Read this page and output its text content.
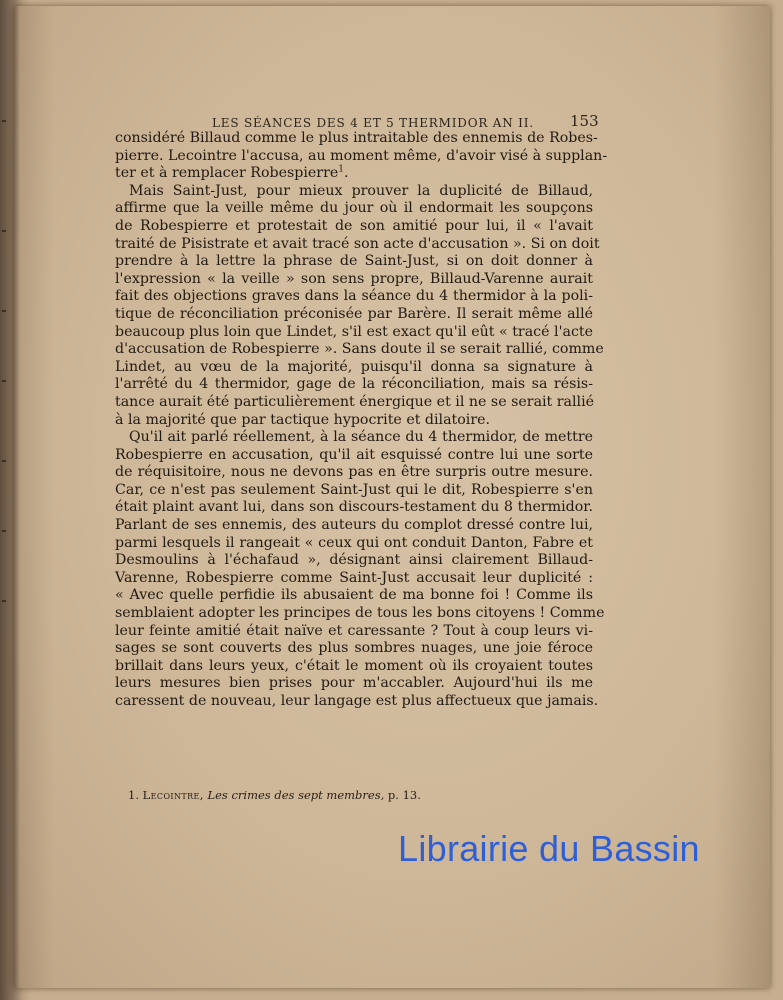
LES SÉANCES DES 4 ET 5 THERMIDOR AN II. 153
considéré Billaud comme le plus intraitable des ennemis de Robes-
pierre. Lecointre l'accusa, au moment même, d'avoir visé à supplan-
ter et à remplacer Robespierre$^1$.
Mais Saint-Just, pour mieux prouver la duplicité de Billaud,
affirme que la veille même du jour où il endormait les soupçons
de Robespierre et protestait de son amitié pour lui, il « l'avait
traité de Pisistrate et avait tracé son acte d'accusation ». Si on doit
prendre à la lettre la phrase de Saint-Just, si on doit donner à
l'expression « la veille » son sens propre, Billaud-Varenne aurait
fait des objections graves dans la séance du 4 thermidor à la poli-
tique de réconciliation préconisée par Barère. Il serait même allé
beaucoup plus loin que Lindet, s'il est exact qu'il eût « tracé l'acte
d'accusation de Robespierre ». Sans doute il se serait rallié, comme
Lindet, au vœu de la majorité, puisqu'il donna sa signature à
l'arrêté du 4 thermidor, gage de la réconciliation, mais sa résis-
tance aurait été particulièrement énergique et il ne se serait rallié
à la majorité que par tactique hypocrite et dilatoire.
Qu'il ait parlé réellement, à la séance du 4 thermidor, de mettre
Robespierre en accusation, qu'il ait esquissé contre lui une sorte
de réquisitoire, nous ne devons pas en être surpris outre mesure.
Car, ce n'est pas seulement Saint-Just qui le dit, Robespierre s'en
était plaint avant lui, dans son discours-testament du 8 thermidor.
Parlant de ses ennemis, des auteurs du complot dressé contre lui,
parmi lesquels il rangeait « ceux qui ont conduit Danton, Fabre et
Desmoulins à l'échafaud », désignant ainsi clairement Billaud-
Varenne, Robespierre comme Saint-Just accusait leur duplicité :
« Avec quelle perfidie ils abusaient de ma bonne foi ! Comme ils
semblaient adopter les principes de tous les bons citoyens ! Comme
leur feinte amitié était naïve et caressante ? Tout à coup leurs vi-
sages se sont couverts des plus sombres nuages, une joie féroce
brillait dans leurs yeux, c'était le moment où ils croyaient toutes
leurs mesures bien prises pour m'accabler. Aujourd'hui ils me
caressent de nouveau, leur langage est plus affectueux que jamais.
1. Lecointre, Les crimes des sept membres, p. 13.
Librairie du Bassin
